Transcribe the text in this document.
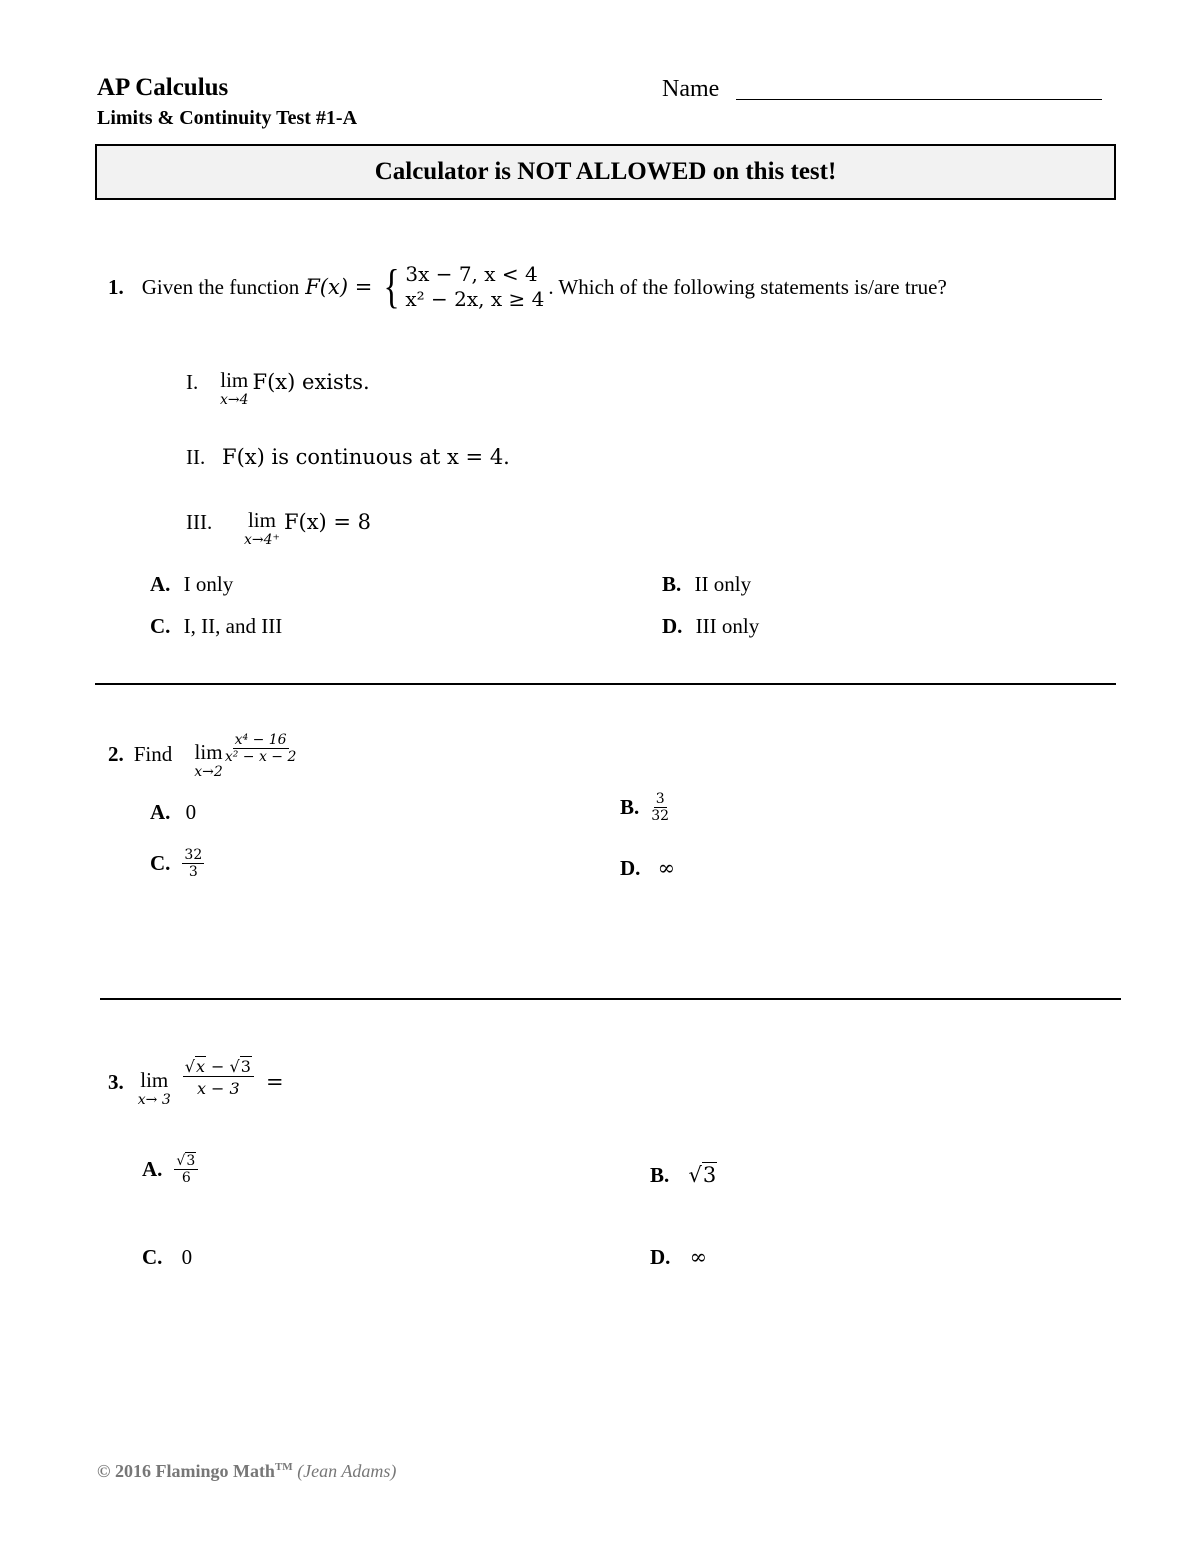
AP Calculus
Limits & Continuity Test #1-A
Name
Calculator is NOT ALLOWED on this test!
1. Given the function F(x) = { 3x − 7, x < 4
x² − 2x, x ≥ 4
. Which of the following statements is/are true?
I.	lim
x→4
F(x) exists.
II. F(x) is continuous at x = 4.
III.	lim
x→4⁺
F(x) = 8
A. I only	B. II only
C. I, II, and III	D. III only
2. Find lim
x→2
$\frac{\text{x⁴ − 16}}{\text{x² − x − 2}}$
A. 0	B. $\frac{3}{32}$
C. $\frac{32}{3}$	D. ∞
3. lim
x→ 3
$\frac{√x - √3}{x - 3}$ =
A. $\frac{√3}{6}$	B. √3
C. 0	D. ∞
© 2016 Flamingo Math™ (Jean Adams)
